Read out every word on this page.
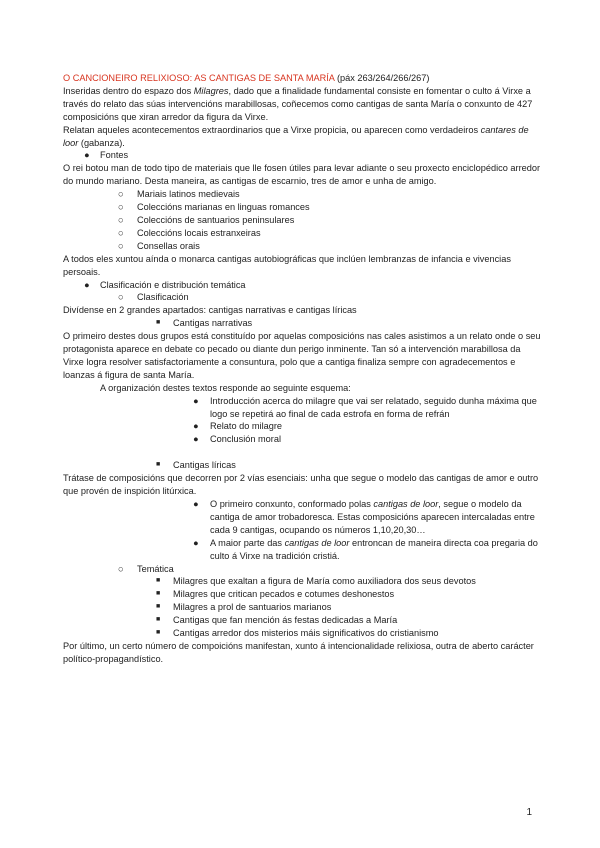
O CANCIONEIRO RELIXIOSO: AS CANTIGAS DE SANTA MARÍA (páx 263/264/266/267)

Inseridas dentro do espazo dos Milagres, dado que a finalidade fundamental consiste en fomentar o culto á Virxe a través do relato das súas intervencións marabillosas, coñecemos como cantigas de santa María o conxunto de 427 composicións que xiran arredor da figura da Virxe.

Relatan aqueles acontecementos extraordinarios que a Virxe propicia, ou aparecen como verdadeiros cantares de loor (gabanza).

● Fontes

O rei botou man de todo tipo de materiais que lle fosen útiles para levar adiante o seu proxecto enciclopédico arredor do mundo mariano. Desta maneira, as cantigas de escarnio, tres de amor e unha de amigo.

○ Mariais latinos medievais
○ Coleccións marianas en linguas romances
○ Coleccións de santuarios peninsulares
○ Coleccións locais estranxeiras
○ Consellas orais

A todos eles xuntou aínda o monarca cantigas autobiográficas que inclúen lembranzas de infancia e vivencias persoais.

● Clasificación e distribución temática
○ Clasificación

Divídense en 2 grandes apartados: cantigas narrativas e cantigas líricas

■ Cantigas narrativas

O primeiro destes dous grupos está constituído por aquelas composicións nas cales asistimos a un relato onde o seu protagonista aparece en debate co pecado ou diante dun perigo inminente. Tan só a intervención marabillosa da Virxe logra resolver satisfactoriamente a consuntura, polo que a cantiga finaliza sempre con agradecementos e loanzas á figura de santa María.

A organización destes textos responde ao seguinte esquema:

● Introducción acerca do milagre que vai ser relatado, seguido dunha máxima que logo se repetirá ao final de cada estrofa en forma de refrán
● Relato do milagre
● Conclusión moral
■ Cantigas líricas

Trátase de composicións que decorren por 2 vías esenciais: unha que segue o modelo das cantigas de amor e outro que provén de inspición litúrxica.

● O primeiro conxunto, conformado polas cantigas de loor, segue o modelo da cantiga de amor trobadoresca. Estas composicións aparecen intercaladas entre cada 9 cantigas, ocupando os números 1,10,20,30…
● A maior parte das cantigas de loor entroncan de maneira directa coa pregaria do culto á Virxe na tradición cristiá.
○ Temática
■ Milagres que exaltan a figura de María como auxiliadora dos seus devotos
■ Milagres que critican pecados e cotumes deshonestos
■ Milagres a prol de santuarios marianos
■ Cantigas que fan mención ás festas dedicadas a María
■ Cantigas arredor dos misterios máis significativos do cristianismo

Por último, un certo número de compoicións manifestan, xunto á intencionalidade relixiosa, outra de aberto carácter político-propagandístico.

1
